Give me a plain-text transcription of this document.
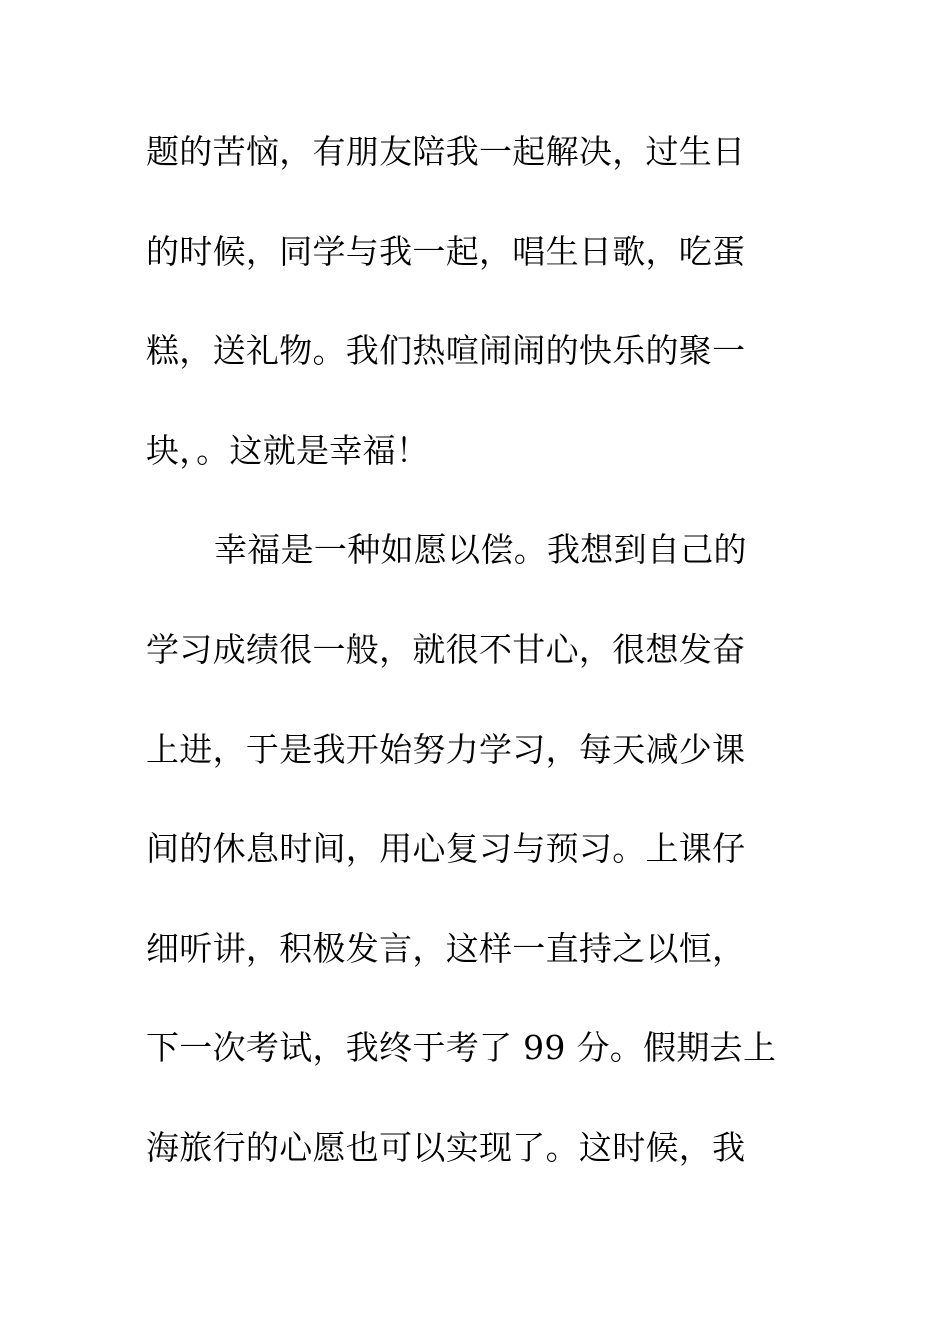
题的苦恼，有朋友陪我一起解决，过生日
的时候，同学与我一起，唱生日歌，吃蛋
糕，送礼物。我们热喧闹闹的快乐的聚一
块，。这就是幸福！
幸福是一种如愿以偿。我想到自己的
学习成绩很一般，就很不甘心，很想发奋
上进，于是我开始努力学习，每天减少课
间的休息时间，用心复习与预习。上课仔
细听讲，积极发言，这样一直持之以恒，
下一次考试，我终于考了 99 分。假期去上
海旅行的心愿也可以实现了。这时候，我
